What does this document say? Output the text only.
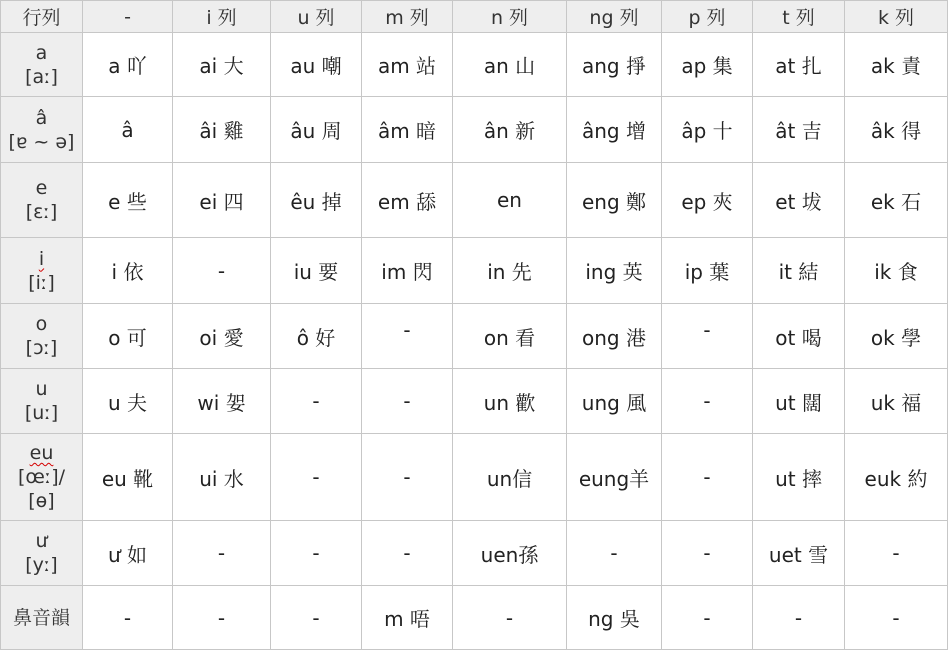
行列	-	i 列	u 列	m 列	n 列	ng 列	p 列	t 列	k 列
a
[aː]	a 吖	ai 大	au 嘲	am 站	an 山	ang 掙	ap 集	at 扎	ak 責
â
[ɐ ~ ə]	â	âi 雞	âu 周	âm 暗	ân 新	âng 增	âp 十	ât 吉	âk 得
e
[ɛː]	e 些	ei 四	êu 掉	em 舔	en	eng 鄭	ep 夾	et 坺	ek 石
i
[iː]	i 依	-	iu 要	im 閃	in 先	ing 英	ip 葉	it 結	ik 食
o
[ɔː]	o 可	oi 愛	ô 好	-	on 看	ong 港	-	ot 喝	ok 學
u
[uː]	u 夫	wi 妿	-	-	un 歡	ung 風	-	ut 闊	uk 福
eu
[œː]/[ɵ]	eu 靴	ui 水	-	-	un信	eung羊	-	ut 摔	euk 約
ư
[yː]	ư 如	-	-	-	uen孫	-	-	uet 雪	-
鼻音韻	-	-	-	m 唔	-	ng 吳	-	-	-
